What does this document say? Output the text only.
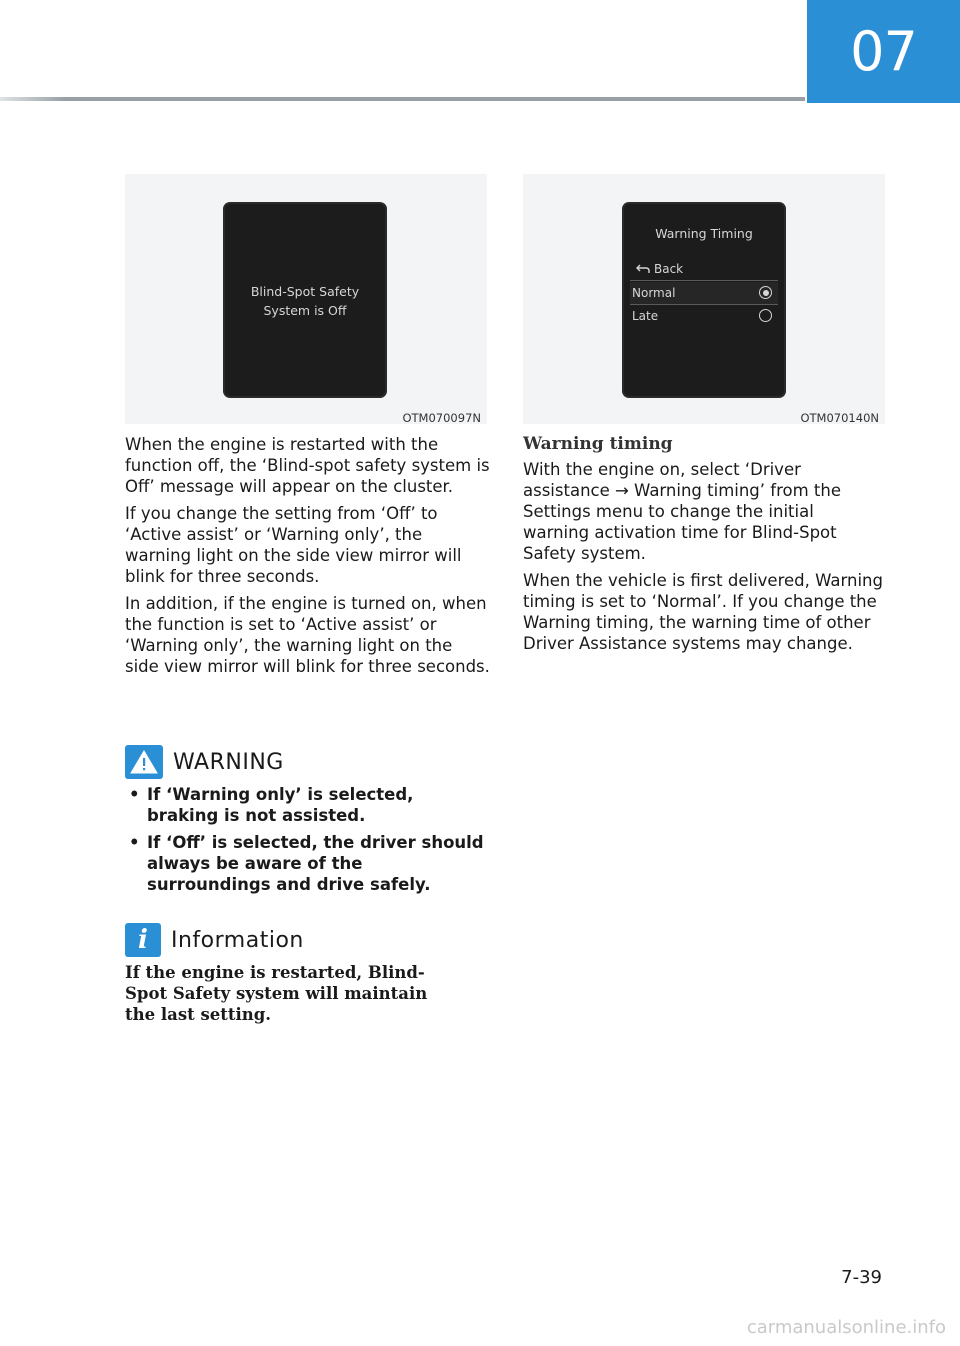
07
Blind-Spot Safety System is Off
OTM070097N
Warning Timing
Back
Normal
Late
OTM070140N

When the engine is restarted with the function off, the ‘Blind-spot safety system is Off’ message will appear on the cluster.

If you change the setting from ‘Off’ to ‘Active assist’ or ‘Warning only’, the warning light on the side view mirror will blink for three seconds.

In addition, if the engine is turned on, when the function is set to ‘Active assist’ or ‘Warning only’, the warning light on the side view mirror will blink for three seconds.

WARNING
• If ‘Warning only’ is selected, braking is not assisted.
• If ‘Off’ is selected, the driver should always be aware of the surroundings and drive safely.
i	Information
If the engine is restarted, Blind-Spot Safety system will maintain the last setting.
Warning timing

With the engine on, select ‘Driver assistance → Warning timing’ from the Settings menu to change the initial warning activation time for Blind-Spot Safety system.

When the vehicle is first delivered, Warning timing is set to ‘Normal’. If you change the Warning timing, the warning time of other Driver Assistance systems may change.

7-39
carmanualsonline.info
